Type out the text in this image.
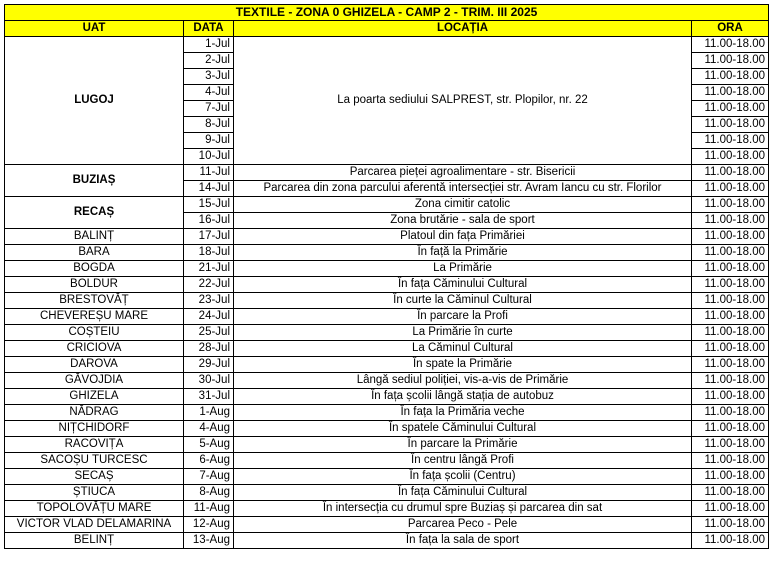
TEXTILE - ZONA 0 GHIZELA - CAMP 2 - TRIM. III 2025			
UAT	DATA	LOCAȚIA	ORA
LUGOJ	1-Jul	La poarta sediului SALPREST, str. Plopilor, nr. 22	11.00-18.00
	2-Jul		11.00-18.00
	3-Jul		11.00-18.00
	4-Jul		11.00-18.00
	7-Jul		11.00-18.00
	8-Jul		11.00-18.00
	9-Jul		11.00-18.00
	10-Jul		11.00-18.00
BUZIAȘ	11-Jul	Parcarea pieței agroalimentare - str. Bisericii	11.00-18.00
	14-Jul	Parcarea din zona parcului aferentă intersecției str. Avram Iancu cu str. Florilor	11.00-18.00
RECAȘ	15-Jul	Zona cimitir catolic	11.00-18.00
	16-Jul	Zona brutărie - sala de sport	11.00-18.00
BALINȚ	17-Jul	Platoul din fața Primăriei	11.00-18.00
BARA	18-Jul	În față la Primărie	11.00-18.00
BOGDA	21-Jul	La Primărie	11.00-18.00
BOLDUR	22-Jul	În fața Căminului Cultural	11.00-18.00
BRESTOVĂȚ	23-Jul	În curte la Căminul Cultural	11.00-18.00
CHEVEREȘU MARE	24-Jul	În parcare la Profi	11.00-18.00
COȘTEIU	25-Jul	La Primărie în curte	11.00-18.00
CRICIOVA	28-Jul	La Căminul Cultural	11.00-18.00
DAROVA	29-Jul	În spate la Primărie	11.00-18.00
GĂVOJDIA	30-Jul	Lângă sediul poliției, vis-a-vis de Primărie	11.00-18.00
GHIZELA	31-Jul	În fața școlii lângă stația de autobuz	11.00-18.00
NĂDRAG	1-Aug	În fața la Primăria veche	11.00-18.00
NIȚCHIDORF	4-Aug	În spatele Căminului Cultural	11.00-18.00
RACOVIȚA	5-Aug	În parcare la Primărie	11.00-18.00
SACOȘU TURCESC	6-Aug	În centru lângă Profi	11.00-18.00
SECAȘ	7-Aug	În fața școlii (Centru)	11.00-18.00
ȘTIUCA	8-Aug	În fața Căminului Cultural	11.00-18.00
TOPOLOVĂȚU MARE	11-Aug	În intersecția cu drumul spre Buziaș și parcarea din sat	11.00-18.00
VICTOR VLAD DELAMARINA	12-Aug	Parcarea Peco - Pele	11.00-18.00
BELINȚ	13-Aug	În fața la sala de sport	11.00-18.00
